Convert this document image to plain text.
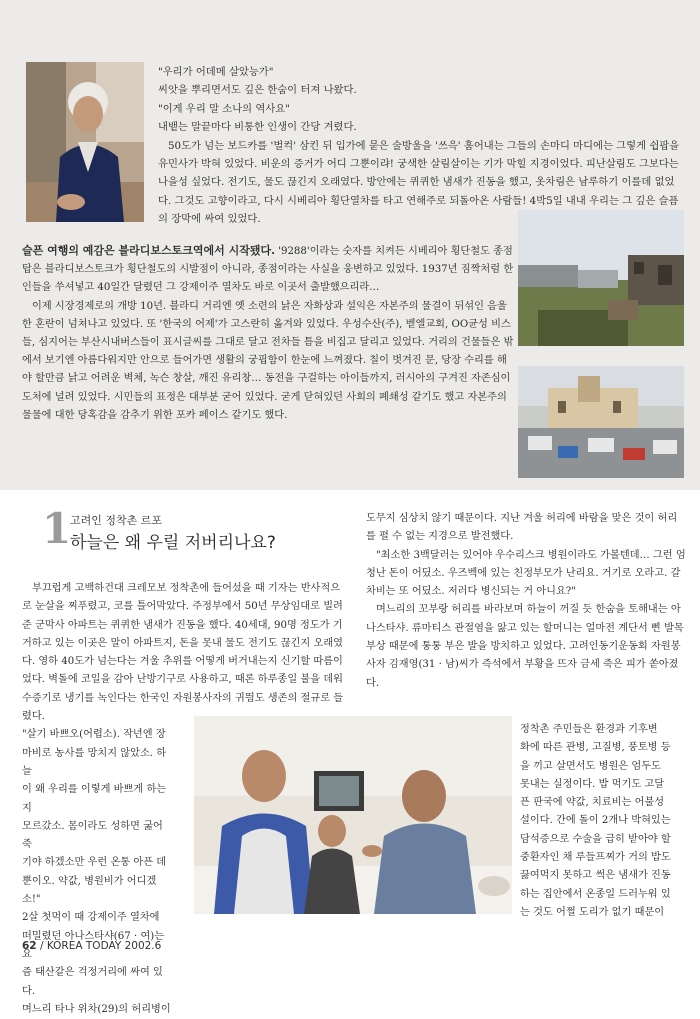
"우리가 어데메 살았능가"

씨앗을 뿌리면서도 깊은 한숨이 터져 나왔다.

"이게 우리 말 소나의 역사요"

내뱉는 말끝마다 비통한 인생이 간당 겨렸다.

50도가 넘는 보드카를 '벌컥' 삼킨 뒤 입가에 묻은 술방울을 '쓰윽' 훔어내는 그들의 손마디 마디에는 그렇게 쉽팝을 유민사가 박혀 있었다. 비운의 증거가 어디 그뿐이랴! 궁색한 살림살이는 기가 막힐 지경이었다. 피난살림도 그보다는 나을성 싶었다. 전기도, 물도 끊긴지 오래였다. 방안에는 퀴퀴한 냄새가 진동을 했고, 옷차림은 남루하기 이를데 없었다. 그것도 고향이라고, 다시 시베리아 횡단열차를 타고 연해주로 되돌아온 사람들! 4박5일 내내 우리는 그 깊은 슬픔의 장막에 싸여 있었다.

슬픈 여행의 예감은 블라디보스토크역에서 시작됐다. '9288'이라는 숫자를 치켜든 시베리아 횡단철도 종점탑은 블라디보스토크가 횡단철도의 시발점이 아니라, 종점이라는 사실을 웅변하고 있었다. 1937년 짐짝처럼 한인들을 쑤셔넣고 40일간 달렸던 그 강제이주 열차도 바로 이곳서 출발했으리라…

이제 시장경제로의 개방 10년. 블라디 거리엔 옛 소련의 낡은 자화상과 설익은 자본주의 물결이 뒤섞인 음울한 혼란이 넘쳐나고 있었다. 또 '한국의 어제'가 고스란히 옮겨와 있었다. 우성수산(주), 벧엘교회, OO균성 비스들, 심지어는 부산시내버스들이 표시글씨를 그대로 달고 전차들 틈을 비집고 달리고 있었다. 거리의 건물들은 밖에서 보기엔 아름다워지만 안으로 들어가면 생활의 궁핍함이 한눈에 느껴졌다. 칠이 벗겨진 문, 당장 수리를 해야 할만큼 낡고 어려운 벽체, 녹슨 창살, 깨진 유리창… 동전을 구걸하는 아이들까지, 러시아의 구겨진 자존심이 도처에 널려 있었다. 시민들의 표정은 대부분 굳어 있었다. 굳게 닫혀있던 사회의 폐쇄성 같기도 했고 자본주의 물물에 대한 당혹감을 감추기 위한 포카 페이스 같기도 했다.

1
고려인 정착촌 르포
하늘은 왜 우릴 저버리나요?

부끄럽게 고백하건대 크레모보 정착촌에 들어섰을 때 기자는 반사적으로 눈살을 찌푸렸고, 코를 틀어막았다. 주정부에서 50년 무상임대로 빌려준 군막사 아파트는 퀴퀴한 냄새가 진동을 했다. 40세대, 90명 정도가 기거하고 있는 이곳은 말이 아파트지, 돈을 못내 물도 전기도 끊긴지 오래였다. 영하 40도가 넘는다는 겨울 추위를 어떻게 버거내는지 신기할 따름이었다. 벽돌에 코일을 감아 난방기구로 사용하고, 때론 하루종일 불을 데워 수증기로 냉기를 녹인다는 한국인 자원봉사자의 귀띔도 생존의 절규로 들렸다.

"살기 바쁘오(어렵소). 작년엔 장

마비로 농사를 망치지 않았소. 하늘

이 왜 우리를 이렇게 바쁘게 하는지

모르갔소. 몸이라도 성하면 굶어죽

기야 하겠소만 우런 온통 아픈 데

뿐이오. 약값, 병원비가 어디겠소!"

2살 첫먹이 때 강제이주 열차에

떠밀렸던 아나스타샤(67 · 여)는 요

즘 태산같은 걱정거리에 싸여 있다.

며느리 타나 위차(29)의 허리병이

도무지 심상치 않기 때문이다. 지난 겨울 허리에 바람을 맞은 것이 허리를 펼 수 없는 지경으로 발전했다.

"최소한 3백달러는 있어야 우수리스크 병원이라도 가볼텐데… 그런 엄청난 돈이 어딨소. 우즈벡에 있는 친정부모가 난리요. 거기로 오라고. 갈 차비는 또 어딨소. 저러다 병신되는 거 아니요?"

며느리의 꼬부랑 허리를 바라보며 하늘이 꺼질 듯 한숨을 토해내는 아나스타샤. 류마티스 관절염을 앓고 있는 할머니는 얼마전 계단서 삔 발목부상 때문에 퉁퉁 부은 발을 방치하고 있었다. 고려인동기운동회 자원봉사자 김재영(31 · 남)씨가 즉석에서 부황을 뜨자 금세 죽은 피가 쏟아졌다.

정착촌 주민들은 환경과 기후변

화에 따른 관병, 고질병, 풍토병 등

을 끼고 살면서도 병원은 엄두도

못내는 실정이다. 밥 먹기도 고달

픈 판국에 약값, 치료비는 어불성

설이다. 간에 돌이 2개나 박혀있는

담석증으로 수술을 급히 받아야 할

중환자인 채 루들프찌가 거의 밥도

끓여먹지 못하고 썩은 냄새가 진동

하는 집안에서 온종일 드러누워 있

는 것도 어쩔 도리가 없기 때문이

62 / KOREA TODAY 2002.6
